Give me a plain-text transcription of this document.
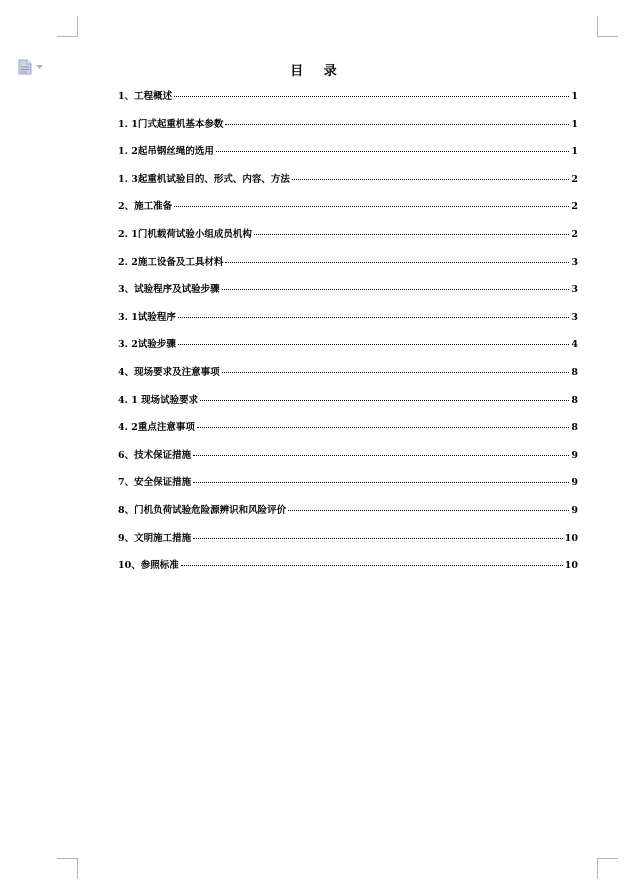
目 录
1、工程概述	1
1. 1门式起重机基本参数	1
1. 2起吊钢丝绳的选用	1
1. 3起重机试验目的、形式、内容、方法	2
2、施工准备	2
2. 1门机载荷试验小组成员机构	2
2. 2施工设备及工具材料	3
3、试验程序及试验步骤	3
3. 1试验程序	3
3. 2试验步骤	4
4、现场要求及注意事项	8
4. 1 现场试验要求	8
4. 2重点注意事项	8
6、技术保证措施	9
7、安全保证措施	9
8、门机负荷试验危险源辨识和风险评价	9
9、文明施工措施	10
10、参照标准	10
